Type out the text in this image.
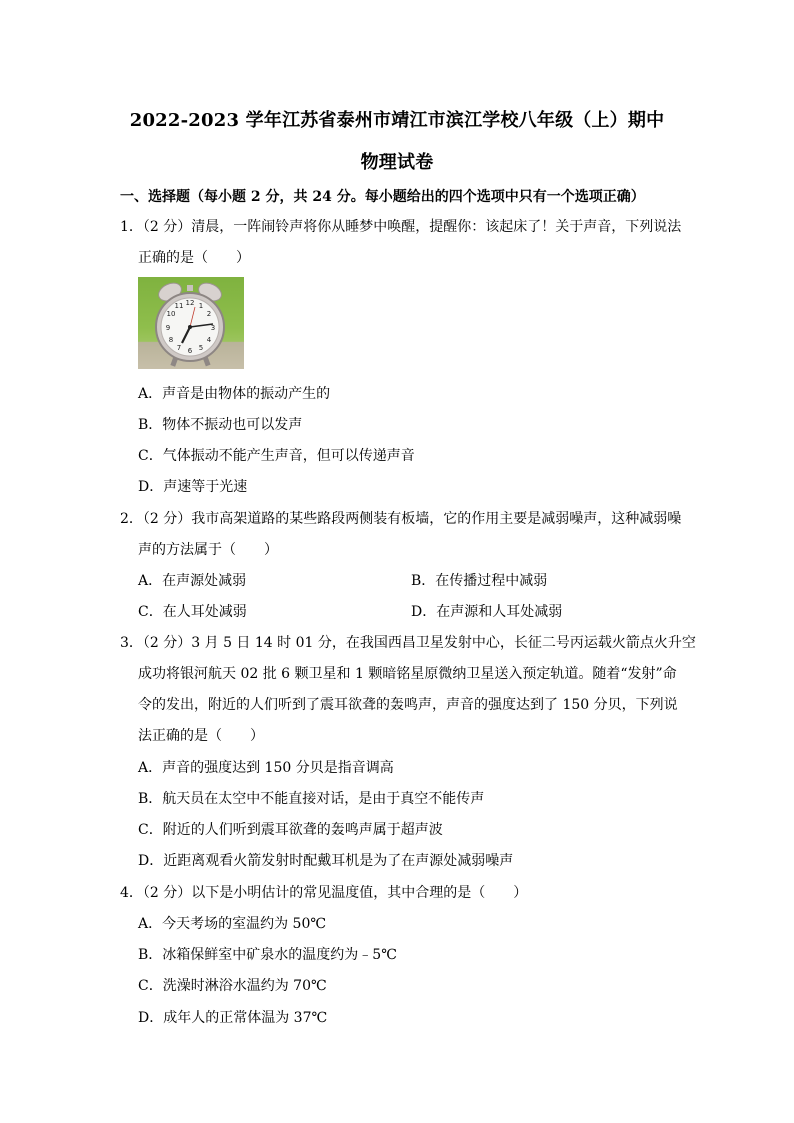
2022-2023 学年江苏省泰州市靖江市滨江学校八年级（上）期中
物理试卷
一、选择题（每小题 2 分，共 24 分。每小题给出的四个选项中只有一个选项正确）
1．（2 分）清晨，一阵闹铃声将你从睡梦中唤醒，提醒你：该起床了！关于声音，下列说法
正确的是（　　）
12 1
2
3
4
5
6
7
8
9
10
11
A．声音是由物体的振动产生的
B．物体不振动也可以发声
C．气体振动不能产生声音，但可以传递声音
D．声速等于光速
2．（2 分）我市高架道路的某些路段两侧装有板墙，它的作用主要是减弱噪声，这种减弱噪
声的方法属于（　　）
A．在声源处减弱	B．在传播过程中减弱
C．在人耳处减弱	D．在声源和人耳处减弱
3．（2 分）3 月 5 日 14 时 01 分，在我国西昌卫星发射中心，长征二号丙运载火箭点火升空
成功将银河航天 02 批 6 颗卫星和 1 颗暗铭星原微纳卫星送入预定轨道。随着“发射”命
令的发出，附近的人们听到了震耳欲聋的轰鸣声，声音的强度达到了 150 分贝，下列说
法正确的是（　　）
A．声音的强度达到 150 分贝是指音调高
B．航天员在太空中不能直接对话，是由于真空不能传声
C．附近的人们听到震耳欲聋的轰鸣声属于超声波
D．近距离观看火箭发射时配戴耳机是为了在声源处减弱噪声
4．（2 分）以下是小明估计的常见温度值，其中合理的是（　　）
A．今天考场的室温约为 50℃
B．冰箱保鲜室中矿泉水的温度约为﹣5℃
C．洗澡时淋浴水温约为 70℃
D．成年人的正常体温为 37℃
